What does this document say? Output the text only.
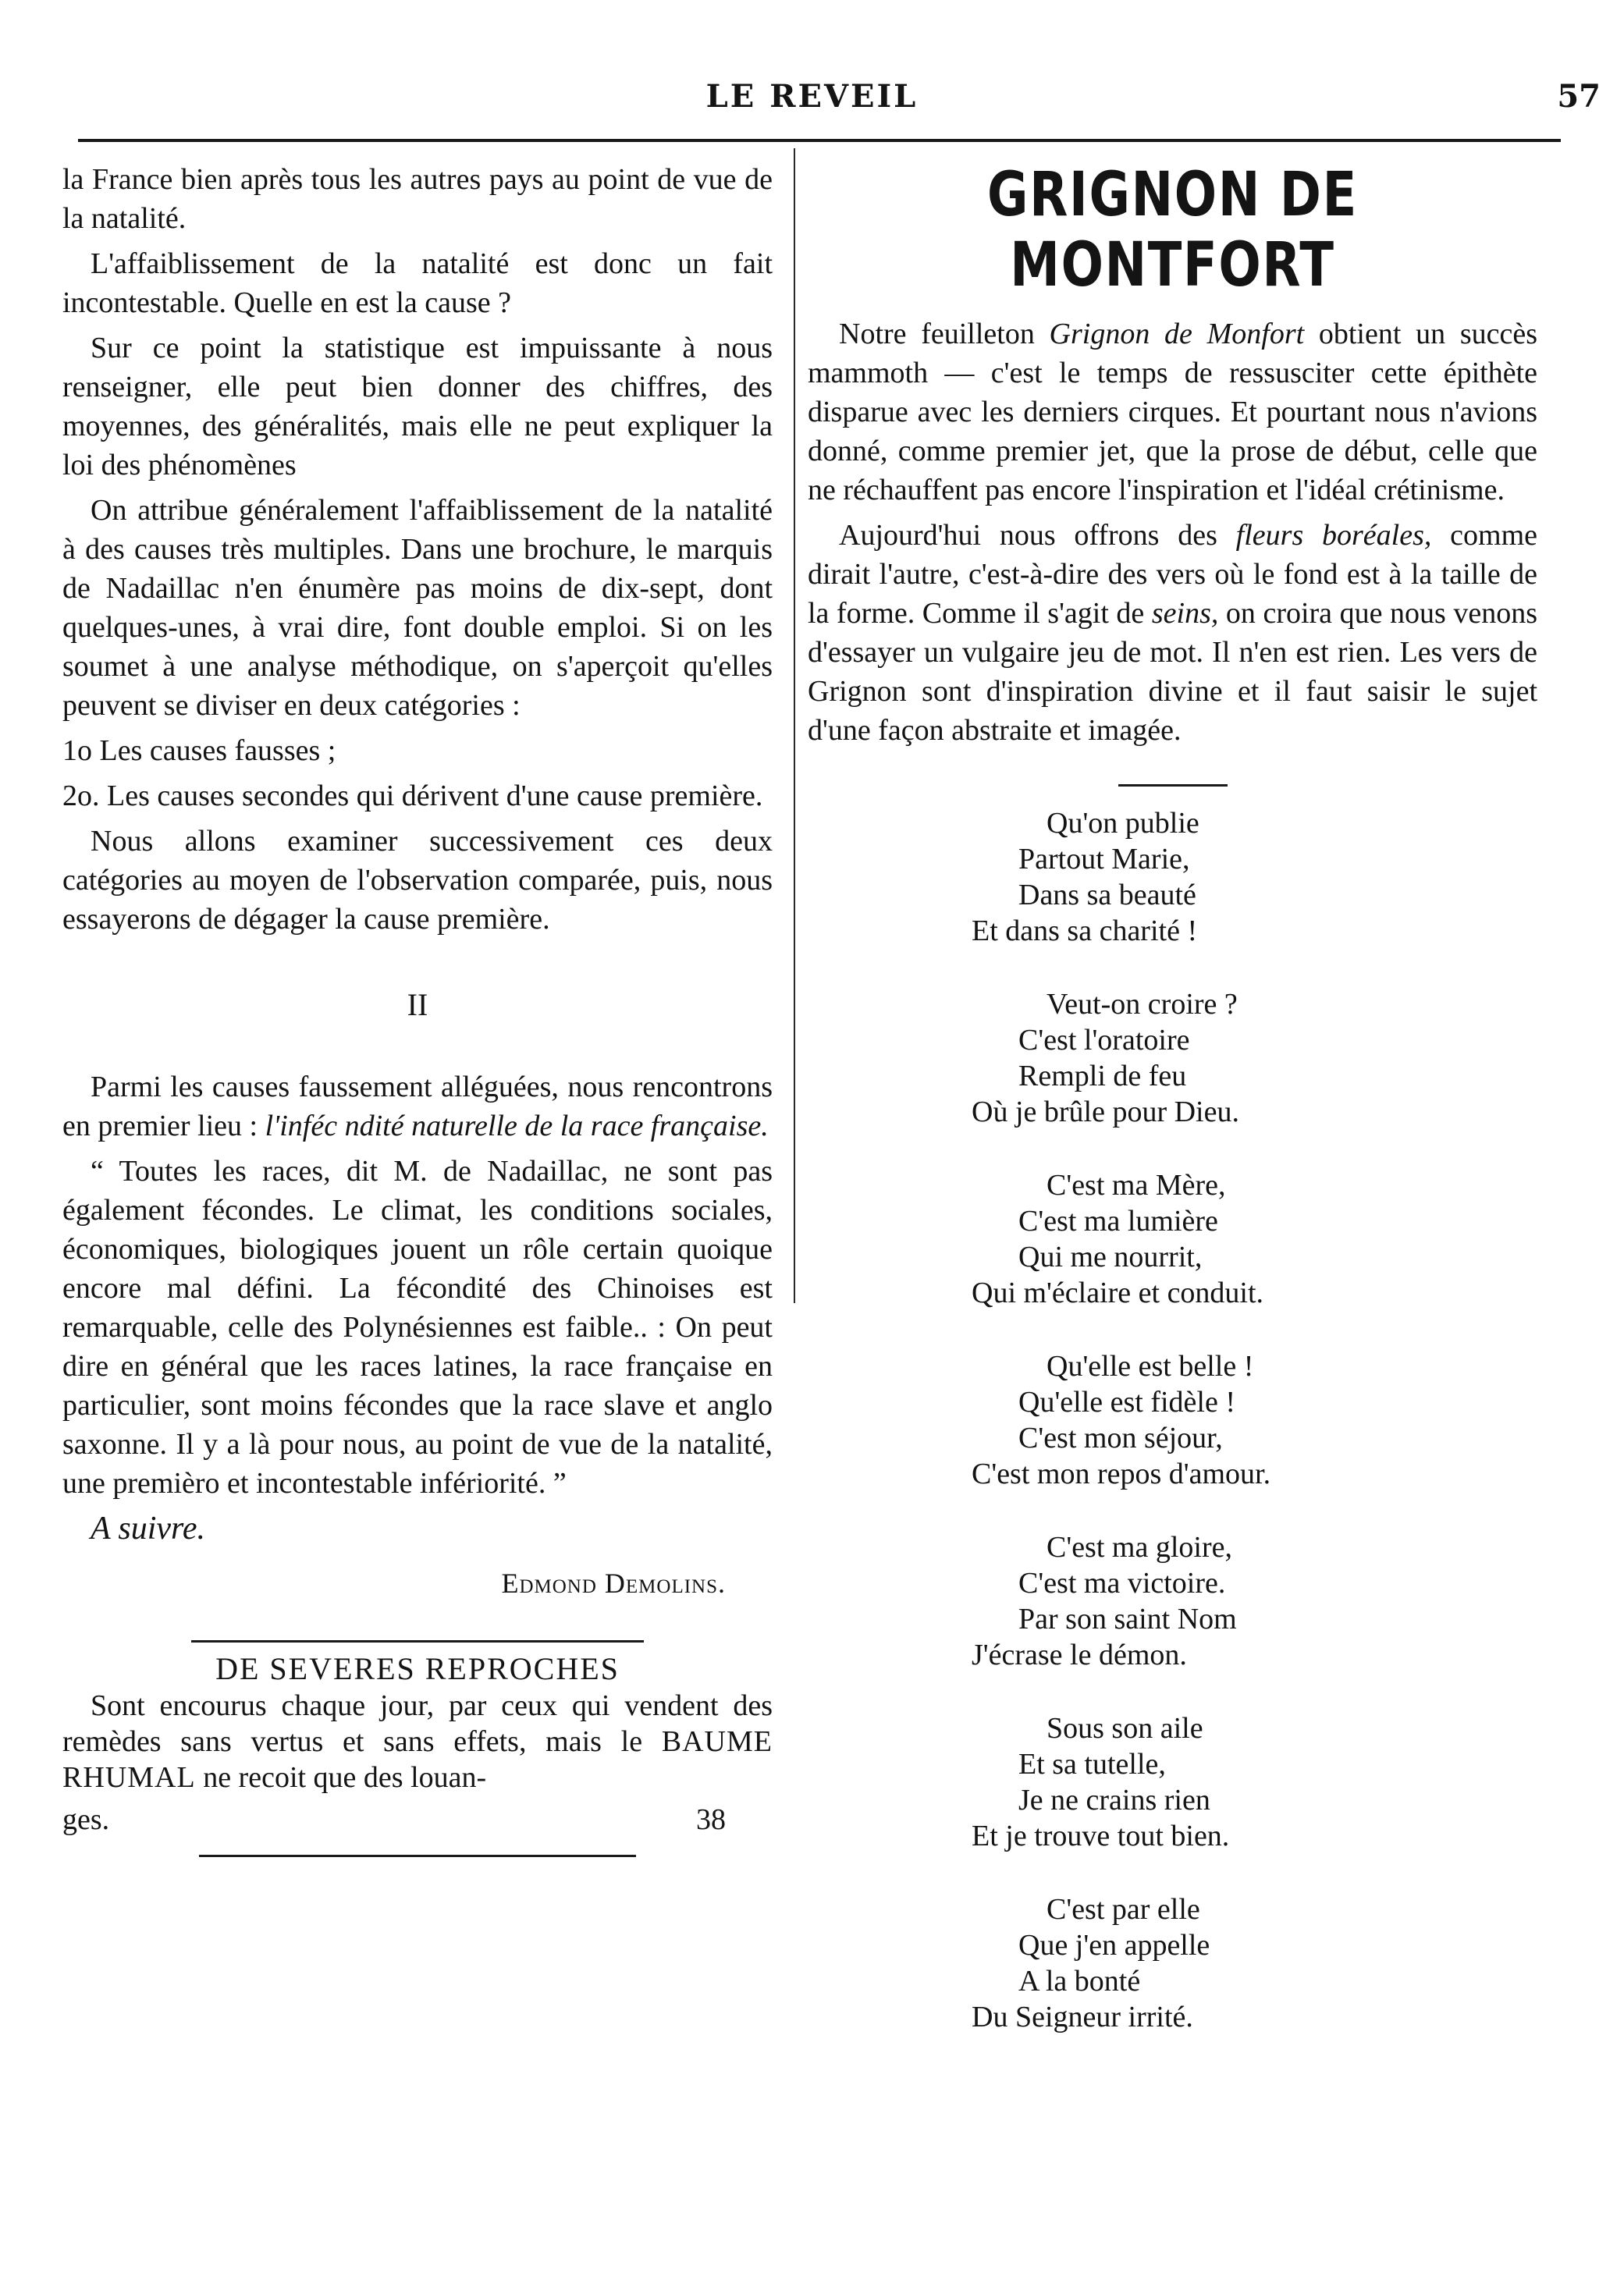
LE REVEIL	57

la France bien après tous les autres pays au point de vue de la natalité.

L'affaiblissement de la natalité est donc un fait incontestable. Quelle en est la cause ?

Sur ce point la statistique est impuissante à nous renseigner, elle peut bien donner des chiffres, des moyennes, des généralités, mais elle ne peut expliquer la loi des phénomènes

On attribue généralement l'affaiblissement de la natalité à des causes très multiples. Dans une brochure, le marquis de Nadaillac n'en énumère pas moins de dix-sept, dont quelques-unes, à vrai dire, font double emploi. Si on les soumet à une analyse méthodique, on s'aperçoit qu'elles peuvent se diviser en deux catégories :

1o Les causes fausses ;
2o. Les causes secondes qui dérivent d'une cause première.

Nous allons examiner successivement ces deux catégories au moyen de l'observation comparée, puis, nous essayerons de dégager la cause première.

II

Parmi les causes faussement alléguées, nous rencontrons en premier lieu : l'inféc ndité naturelle de la race française.

“ Toutes les races, dit M. de Nadaillac, ne sont pas également fécondes. Le climat, les conditions sociales, économiques, biologiques jouent un rôle certain quoique encore mal défini. La fécondité des Chinoises est remarquable, celle des Polynésiennes est faible.. : On peut dire en général que les races latines, la race française en particulier, sont moins fécondes que la race slave et anglo saxonne. Il y a là pour nous, au point de vue de la natalité, une premièro et incontestable infériorité. ”

A suivre.
Edmond Demolins.
DE SEVERES REPROCHES

Sont encourus chaque jour, par ceux qui vendent des remèdes sans vertus et sans effets, mais le BAUME RHUMAL ne recoit que des louan-

ges.	38
GRIGNON DE MONTFORT

Notre feuilleton Grignon de Monfort obtient un succès mammoth — c'est le temps de ressusciter cette épithète disparue avec les derniers cirques. Et pourtant nous n'avions donné, comme premier jet, que la prose de début, celle que ne réchauffent pas encore l'inspiration et l'idéal crétinisme.

Aujourd'hui nous offrons des fleurs boréales, comme dirait l'autre, c'est-à-dire des vers où le fond est à la taille de la forme. Comme il s'agit de seins, on croira que nous venons d'essayer un vulgaire jeu de mot. Il n'en est rien. Les vers de Grignon sont d'inspiration divine et il faut saisir le sujet d'une façon abstraite et imagée.

Qu'on publie
Partout Marie,
Dans sa beauté
Et dans sa charité !
Veut-on croire ?
C'est l'oratoire
Rempli de feu
Où je brûle pour Dieu.
C'est ma Mère,
C'est ma lumière
Qui me nourrit,
Qui m'éclaire et conduit.
Qu'elle est belle !
Qu'elle est fidèle !
C'est mon séjour,
C'est mon repos d'amour.
C'est ma gloire,
C'est ma victoire.
Par son saint Nom
J'écrase le démon.
Sous son aile
Et sa tutelle,
Je ne crains rien
Et je trouve tout bien.
C'est par elle
Que j'en appelle
A la bonté
Du Seigneur irrité.
